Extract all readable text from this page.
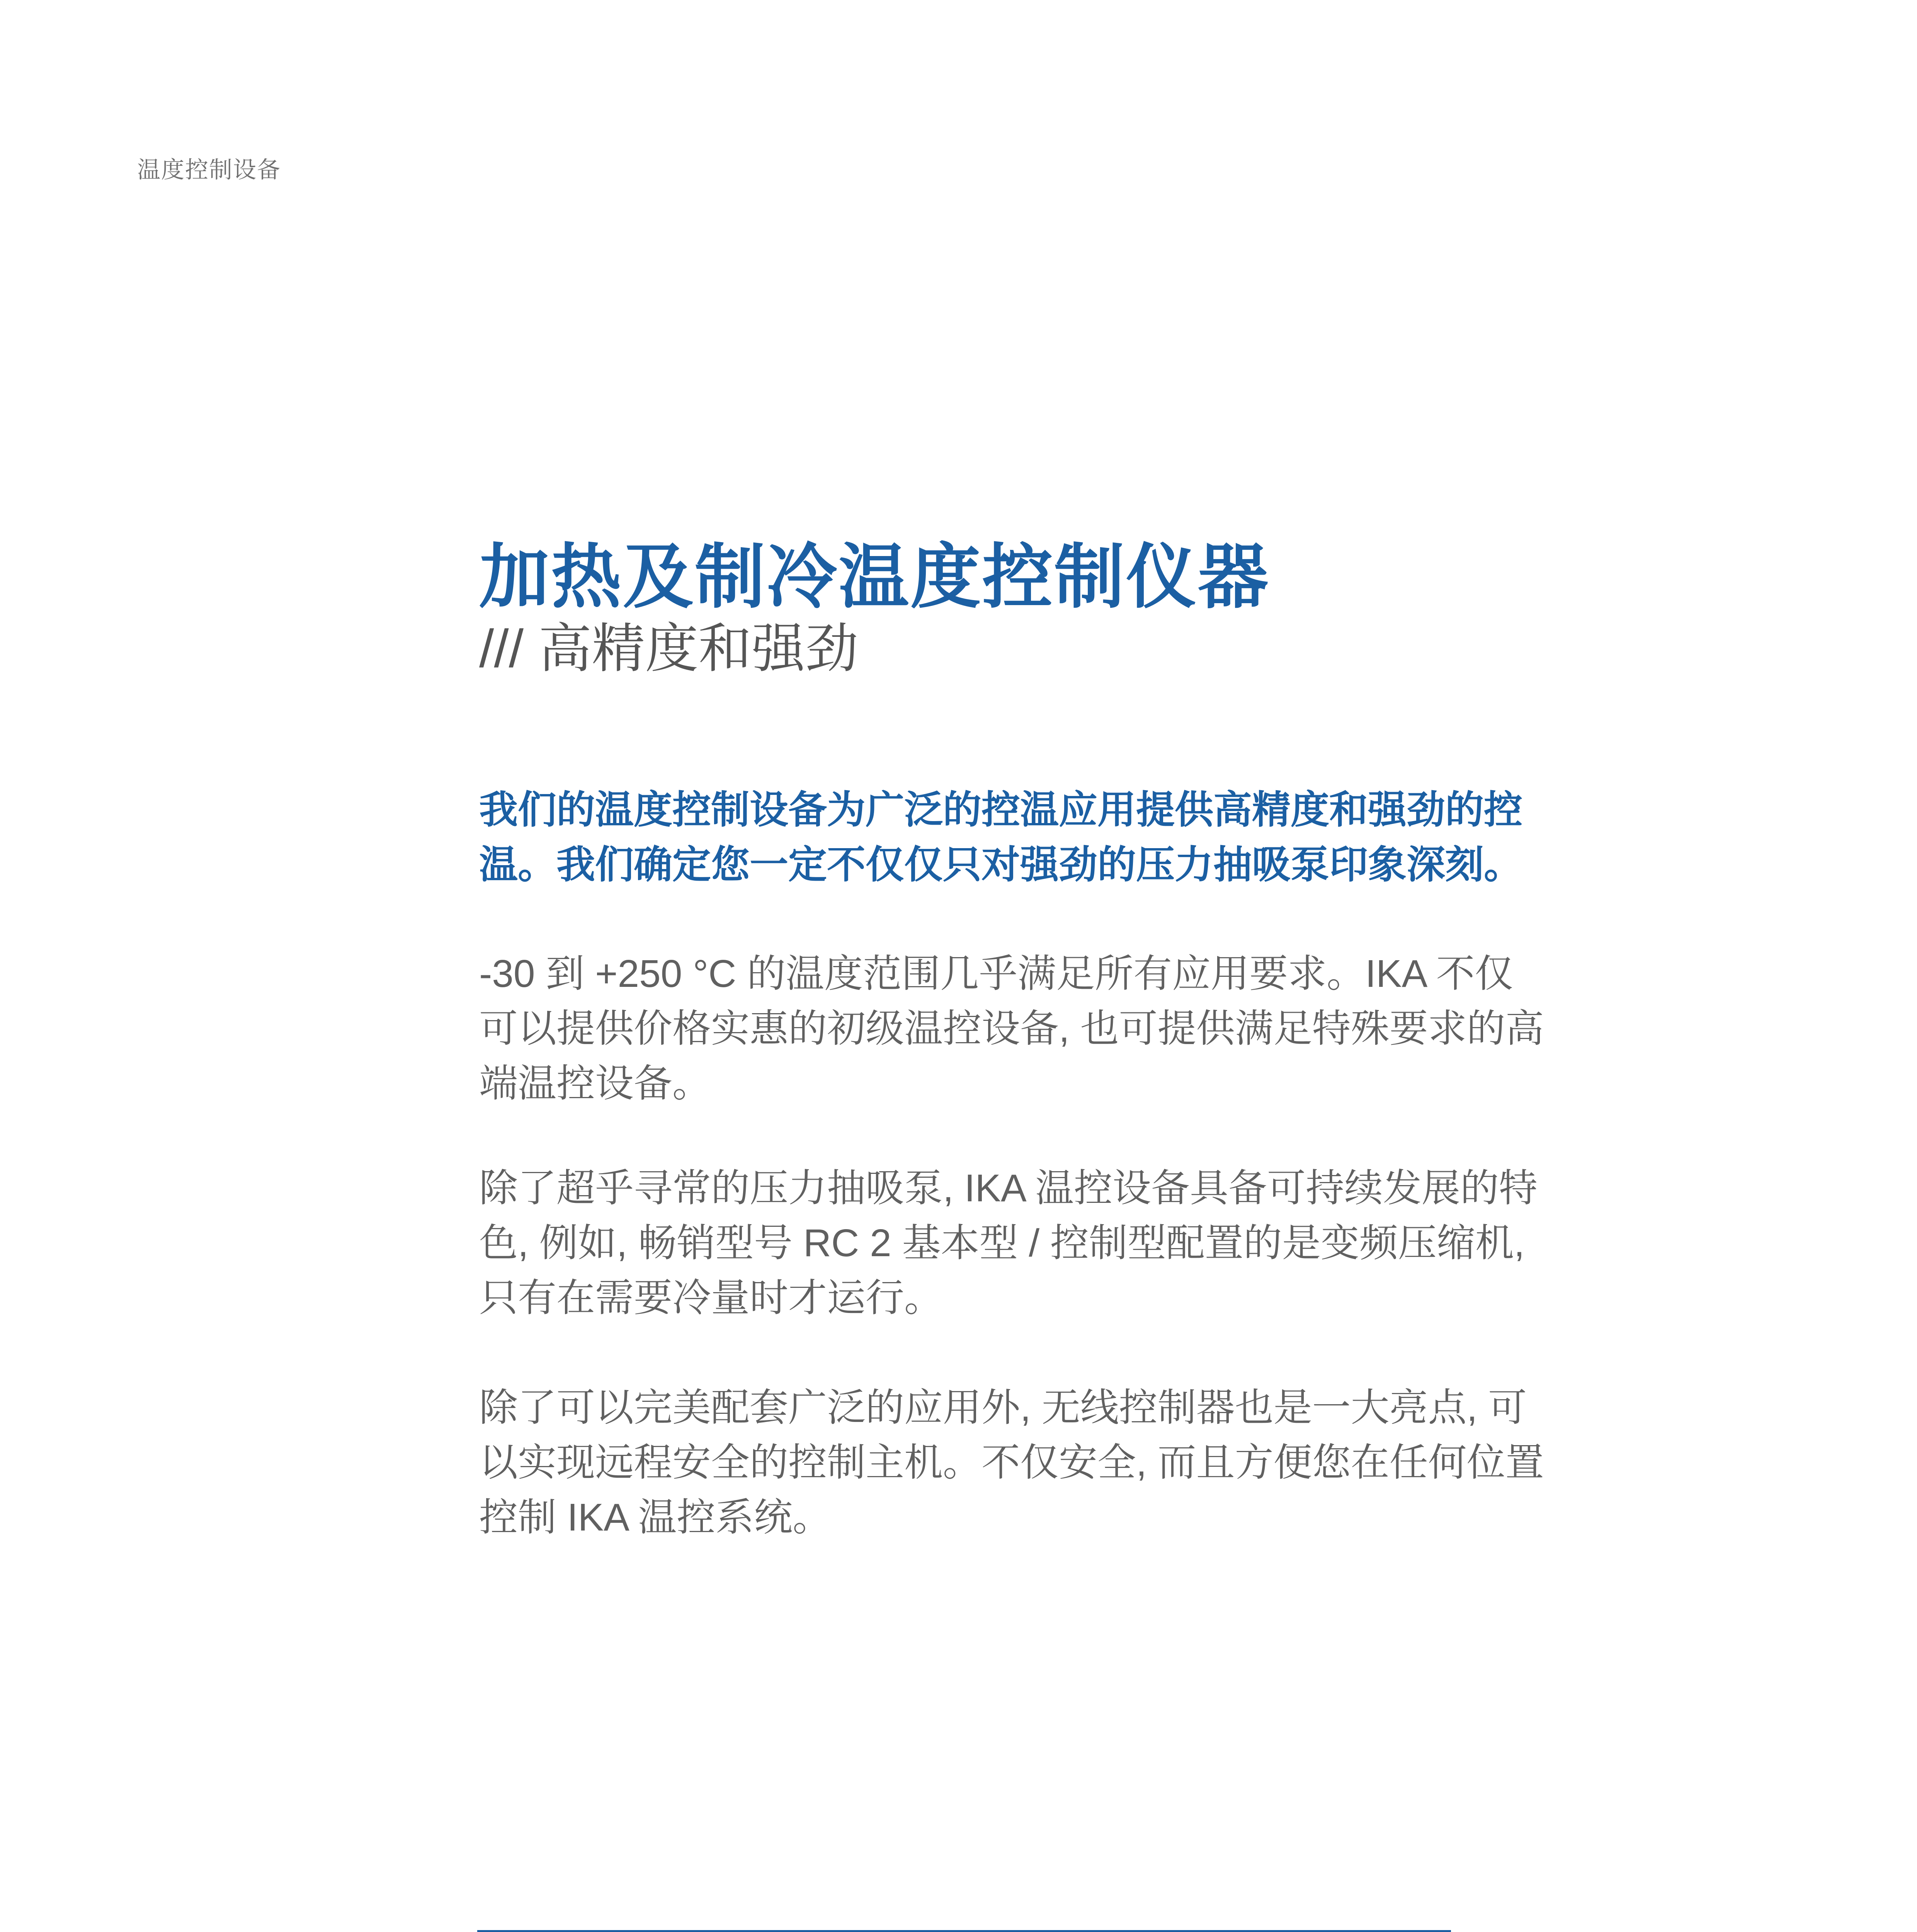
温度控制设备
加热及制冷温度控制仪器
/// 高精度和强劲
我们的温度控制设备为广泛的控温应用提供高精度和强劲的控温。我们确定您一定不仅仅只对强劲的压力抽吸泵印象深刻。
-30 到 +250 °C 的温度范围几乎满足所有应用要求。IKA 不仅可以提供价格实惠的初级温控设备, 也可提供满足特殊要求的高端温控设备。
除了超乎寻常的压力抽吸泵, IKA 温控设备具备可持续发展的特色, 例如, 畅销型号 RC 2 基本型 / 控制型配置的是变频压缩机, 只有在需要冷量时才运行。
除了可以完美配套广泛的应用外, 无线控制器也是一大亮点, 可以实现远程安全的控制主机。不仅安全, 而且方便您在任何位置控制 IKA 温控系统。
